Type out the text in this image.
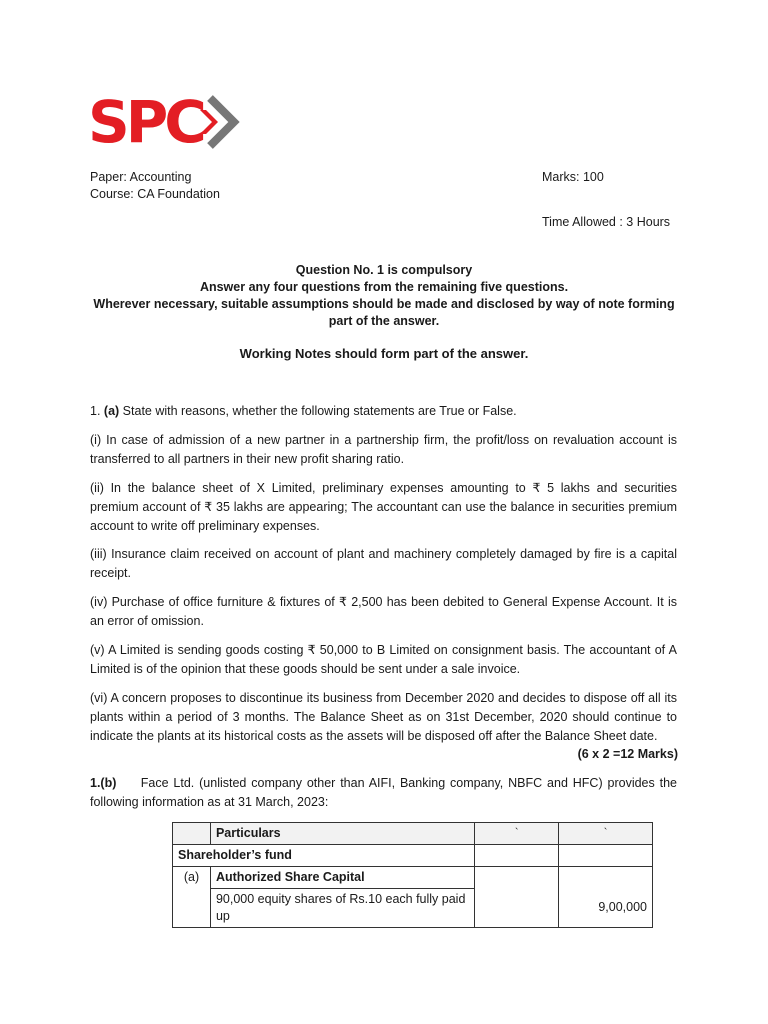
SPC
Paper: Accounting
Course: CA Foundation
Marks: 100
Time Allowed : 3 Hours
Question No. 1 is compulsory
Answer any four questions from the remaining five questions.
Wherever necessary, suitable assumptions should be made and disclosed by way of note forming part of the answer.
Working Notes should form part of the answer.
1. (a) State with reasons, whether the following statements are True or False.
(i) In case of admission of a new partner in a partnership firm, the profit/loss on revaluation account is transferred to all partners in their new profit sharing ratio.
(ii) In the balance sheet of X Limited, preliminary expenses amounting to ₹ 5 lakhs and securities premium account of ₹ 35 lakhs are appearing; The accountant can use the balance in securities premium account to write off preliminary expenses.
(iii) Insurance claim received on account of plant and machinery completely damaged by fire is a capital receipt.
(iv) Purchase of office furniture & fixtures of ₹ 2,500 has been debited to General Expense Account. It is an error of omission.
(v) A Limited is sending goods costing ₹ 50,000 to B Limited on consignment basis. The accountant of A Limited is of the opinion that these goods should be sent under a sale invoice.
(vi) A concern proposes to discontinue its business from December 2020 and decides to dispose off all its plants within a period of 3 months. The Balance Sheet as on 31st December, 2020 should continue to indicate the plants at its historical costs as the assets will be disposed off after the Balance Sheet date.
(6 x 2 =12 Marks)
1.(b) Face Ltd. (unlisted company other than AIFI, Banking company, NBFC and HFC) provides the following information as at 31 March, 2023:
	Particulars	`	`
Shareholder’s fund			
(a)	Authorized Share Capital		
	90,000 equity shares of Rs.10 each fully paid up		9,00,000
